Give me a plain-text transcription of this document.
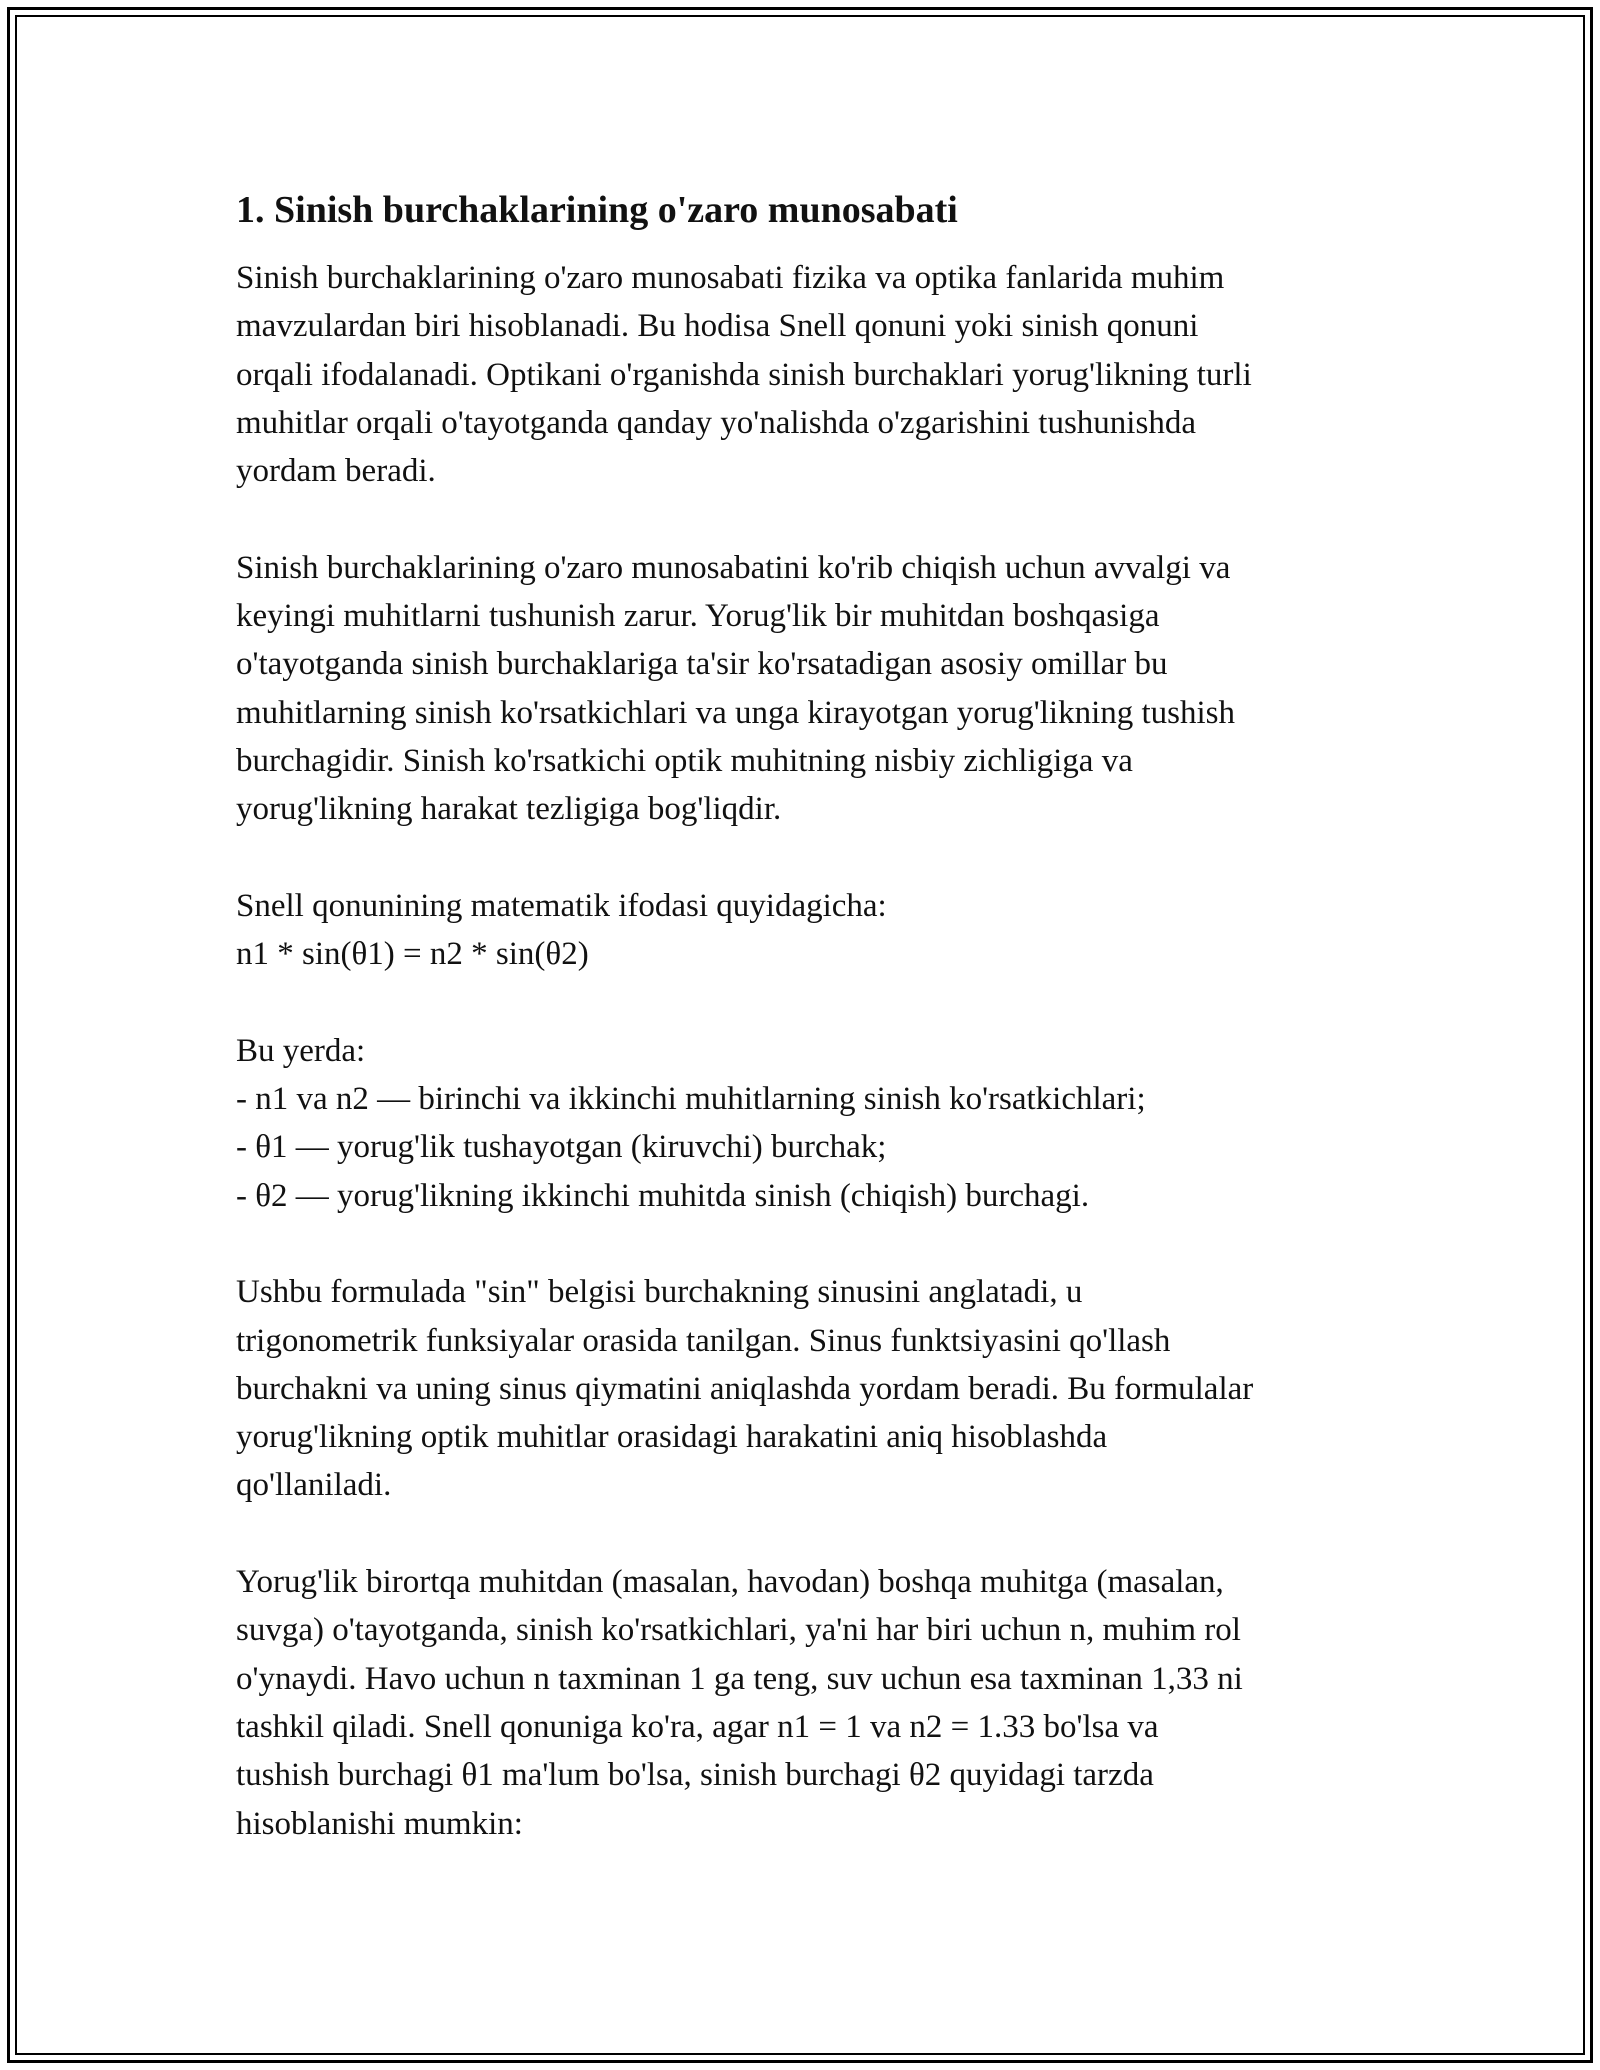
1. Sinish burchaklarining o'zaro munosabati
Sinish burchaklarining o'zaro munosabati fizika va optika fanlarida muhim
mavzulardan biri hisoblanadi. Bu hodisa Snell qonuni yoki sinish qonuni
orqali ifodalanadi. Optikani o'rganishda sinish burchaklari yorug'likning turli
muhitlar orqali o'tayotganda qanday yo'nalishda o'zgarishini tushunishda
yordam beradi.
Sinish burchaklarining o'zaro munosabatini ko'rib chiqish uchun avvalgi va
keyingi muhitlarni tushunish zarur. Yorug'lik bir muhitdan boshqasiga
o'tayotganda sinish burchaklariga ta'sir ko'rsatadigan asosiy omillar bu
muhitlarning sinish ko'rsatkichlari va unga kirayotgan yorug'likning tushish
burchagidir. Sinish ko'rsatkichi optik muhitning nisbiy zichligiga va
yorug'likning harakat tezligiga bog'liqdir.
Snell qonunining matematik ifodasi quyidagicha:
n1 * sin(θ1) = n2 * sin(θ2)
Bu yerda:
- n1 va n2 — birinchi va ikkinchi muhitlarning sinish ko'rsatkichlari;
- θ1 — yorug'lik tushayotgan (kiruvchi) burchak;
- θ2 — yorug'likning ikkinchi muhitda sinish (chiqish) burchagi.
Ushbu formulada "sin" belgisi burchakning sinusini anglatadi, u
trigonometrik funksiyalar orasida tanilgan. Sinus funktsiyasini qo'llash
burchakni va uning sinus qiymatini aniqlashda yordam beradi. Bu formulalar
yorug'likning optik muhitlar orasidagi harakatini aniq hisoblashda
qo'llaniladi.
Yorug'lik birortqa muhitdan (masalan, havodan) boshqa muhitga (masalan,
suvga) o'tayotganda, sinish ko'rsatkichlari, ya'ni har biri uchun n, muhim rol
o'ynaydi. Havo uchun n taxminan 1 ga teng, suv uchun esa taxminan 1,33 ni
tashkil qiladi. Snell qonuniga ko'ra, agar n1 = 1 va n2 = 1.33 bo'lsa va
tushish burchagi θ1 ma'lum bo'lsa, sinish burchagi θ2 quyidagi tarzda
hisoblanishi mumkin:
